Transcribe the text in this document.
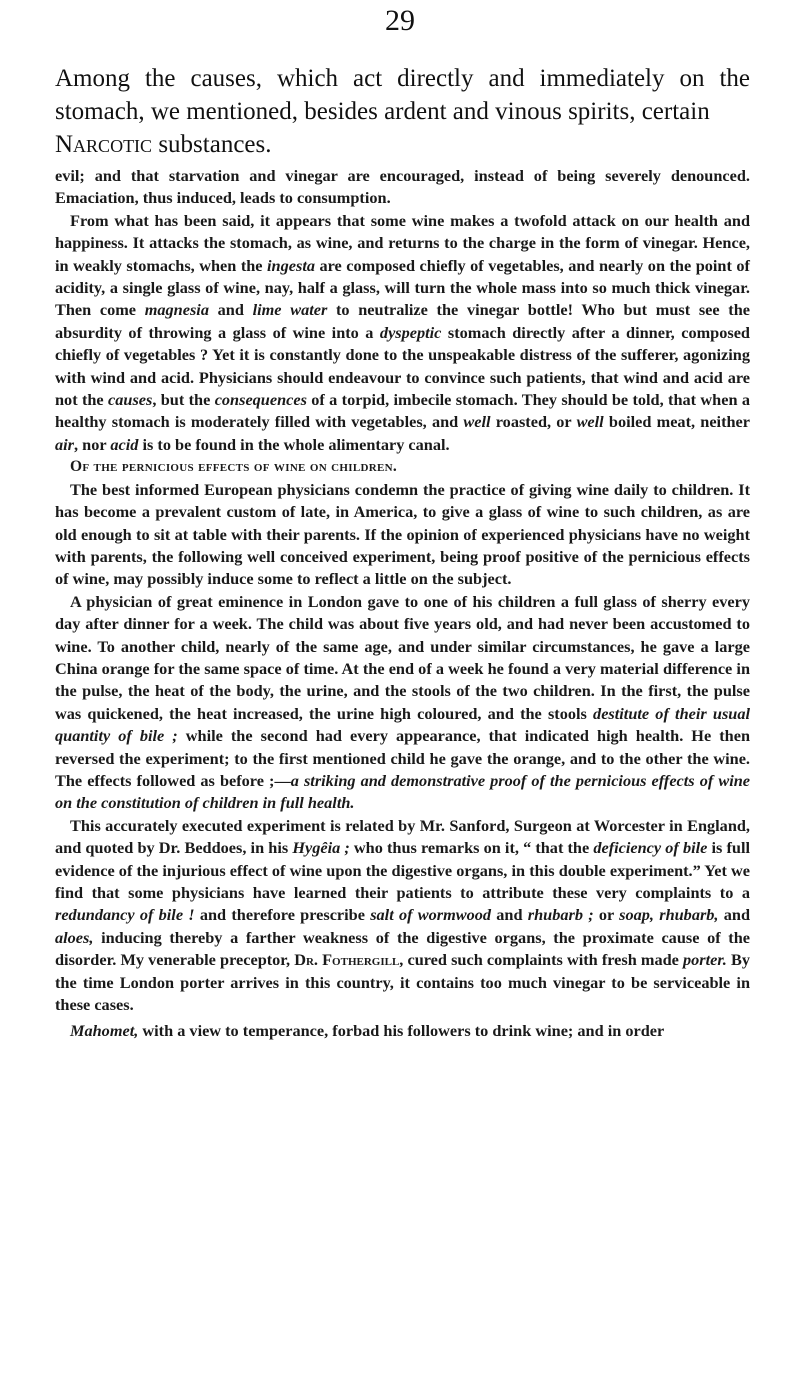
29
Among the causes, which act directly and immediately on the stomach, we mentioned, besides ardent and vinous spirits, certain
Narcotic substances.

evil; and that starvation and vinegar are encouraged, instead of being severely denounced. Emaciation, thus induced, leads to consumption.

From what has been said, it appears that some wine makes a twofold attack on our health and happiness. It attacks the stomach, as wine, and returns to the charge in the form of vinegar. Hence, in weakly stomachs, when the ingesta are composed chiefly of vegetables, and nearly on the point of acidity, a single glass of wine, nay, half a glass, will turn the whole mass into so much thick vinegar. Then come magnesia and lime water to neutralize the vinegar bottle! Who but must see the absurdity of throwing a glass of wine into a dyspeptic stomach directly after a dinner, composed chiefly of vegetables ? Yet it is constantly done to the unspeakable distress of the sufferer, agonizing with wind and acid. Physicians should endeavour to convince such patients, that wind and acid are not the causes, but the consequences of a torpid, imbecile stomach. They should be told, that when a healthy stomach is moderately filled with vegetables, and well roasted, or well boiled meat, neither air, nor acid is to be found in the whole alimentary canal.

Of the pernicious effects of wine on children.

The best informed European physicians condemn the practice of giving wine daily to children. It has become a prevalent custom of late, in America, to give a glass of wine to such children, as are old enough to sit at table with their parents. If the opinion of experienced physicians have no weight with parents, the following well conceived experiment, being proof positive of the pernicious effects of wine, may possibly induce some to reflect a little on the subject.

A physician of great eminence in London gave to one of his children a full glass of sherry every day after dinner for a week. The child was about five years old, and had never been accustomed to wine. To another child, nearly of the same age, and under similar circumstances, he gave a large China orange for the same space of time. At the end of a week he found a very material difference in the pulse, the heat of the body, the urine, and the stools of the two children. In the first, the pulse was quickened, the heat increased, the urine high coloured, and the stools destitute of their usual quantity of bile ; while the second had every appearance, that indicated high health. He then reversed the experiment; to the first mentioned child he gave the orange, and to the other the wine. The effects followed as before ;—a striking and demonstrative proof of the pernicious effects of wine on the constitution of children in full health.

This accurately executed experiment is related by Mr. Sanford, Surgeon at Worcester in England, and quoted by Dr. Beddoes, in his Hygêia ; who thus remarks on it, “ that the deficiency of bile is full evidence of the injurious effect of wine upon the digestive organs, in this double experiment.” Yet we find that some physicians have learned their patients to attribute these very complaints to a redundancy of bile ! and therefore prescribe salt of wormwood and rhubarb ; or soap, rhubarb, and aloes, inducing thereby a farther weakness of the digestive organs, the proximate cause of the disorder. My venerable preceptor, Dr. Fothergill, cured such complaints with fresh made porter. By the time London porter arrives in this country, it contains too much vinegar to be serviceable in these cases.

Mahomet, with a view to temperance, forbad his followers to drink wine; and in order
